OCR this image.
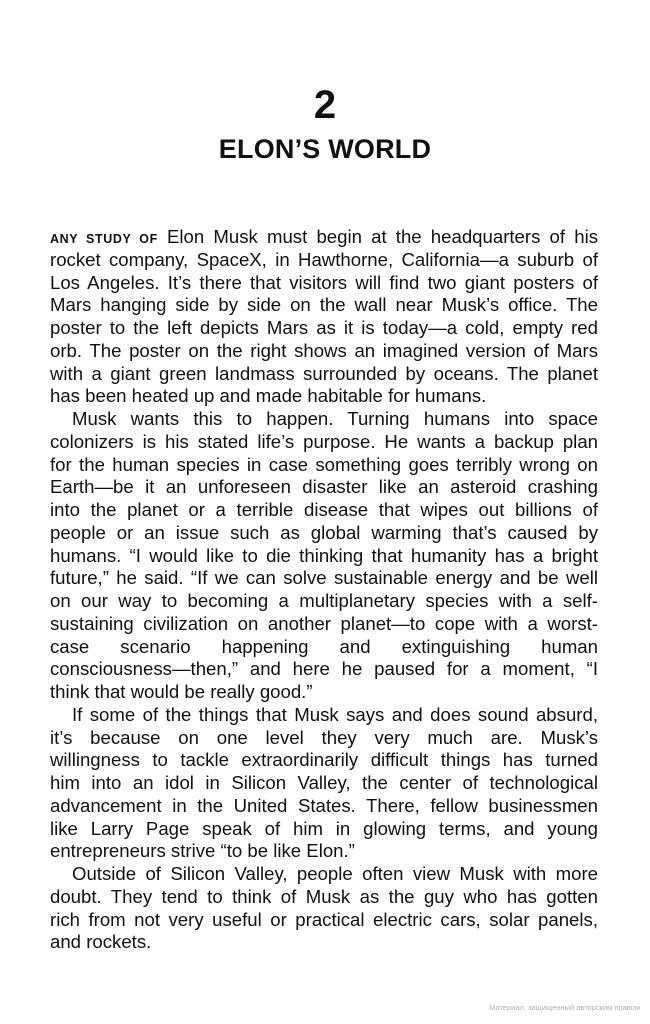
2
ELON’S WORLD
ANY STUDY OF Elon Musk must begin at the headquarters of his
rocket company, SpaceX, in Hawthorne, California—a suburb of
Los Angeles. It’s there that visitors will find two giant posters of
Mars hanging side by side on the wall near Musk’s office. The
poster to the left depicts Mars as it is today—a cold, empty red
orb. The poster on the right shows an imagined version of Mars
with a giant green landmass surrounded by oceans. The planet
has been heated up and made habitable for humans.
Musk wants this to happen. Turning humans into space
colonizers is his stated life’s purpose. He wants a backup plan
for the human species in case something goes terribly wrong on
Earth—be it an unforeseen disaster like an asteroid crashing
into the planet or a terrible disease that wipes out billions of
people or an issue such as global warming that’s caused by
humans. “I would like to die thinking that humanity has a bright
future,” he said. “If we can solve sustainable energy and be well
on our way to becoming a multiplanetary species with a self-
sustaining civilization on another planet—to cope with a worst-
case scenario happening and extinguishing human
consciousness—then,” and here he paused for a moment, “I
think that would be really good.”
If some of the things that Musk says and does sound absurd,
it’s because on one level they very much are. Musk’s
willingness to tackle extraordinarily difficult things has turned
him into an idol in Silicon Valley, the center of technological
advancement in the United States. There, fellow businessmen
like Larry Page speak of him in glowing terms, and young
entrepreneurs strive “to be like Elon.”
Outside of Silicon Valley, people often view Musk with more
doubt. They tend to think of Musk as the guy who has gotten
rich from not very useful or practical electric cars, solar panels,
and rockets.
Материал, защищенный авторским правом
